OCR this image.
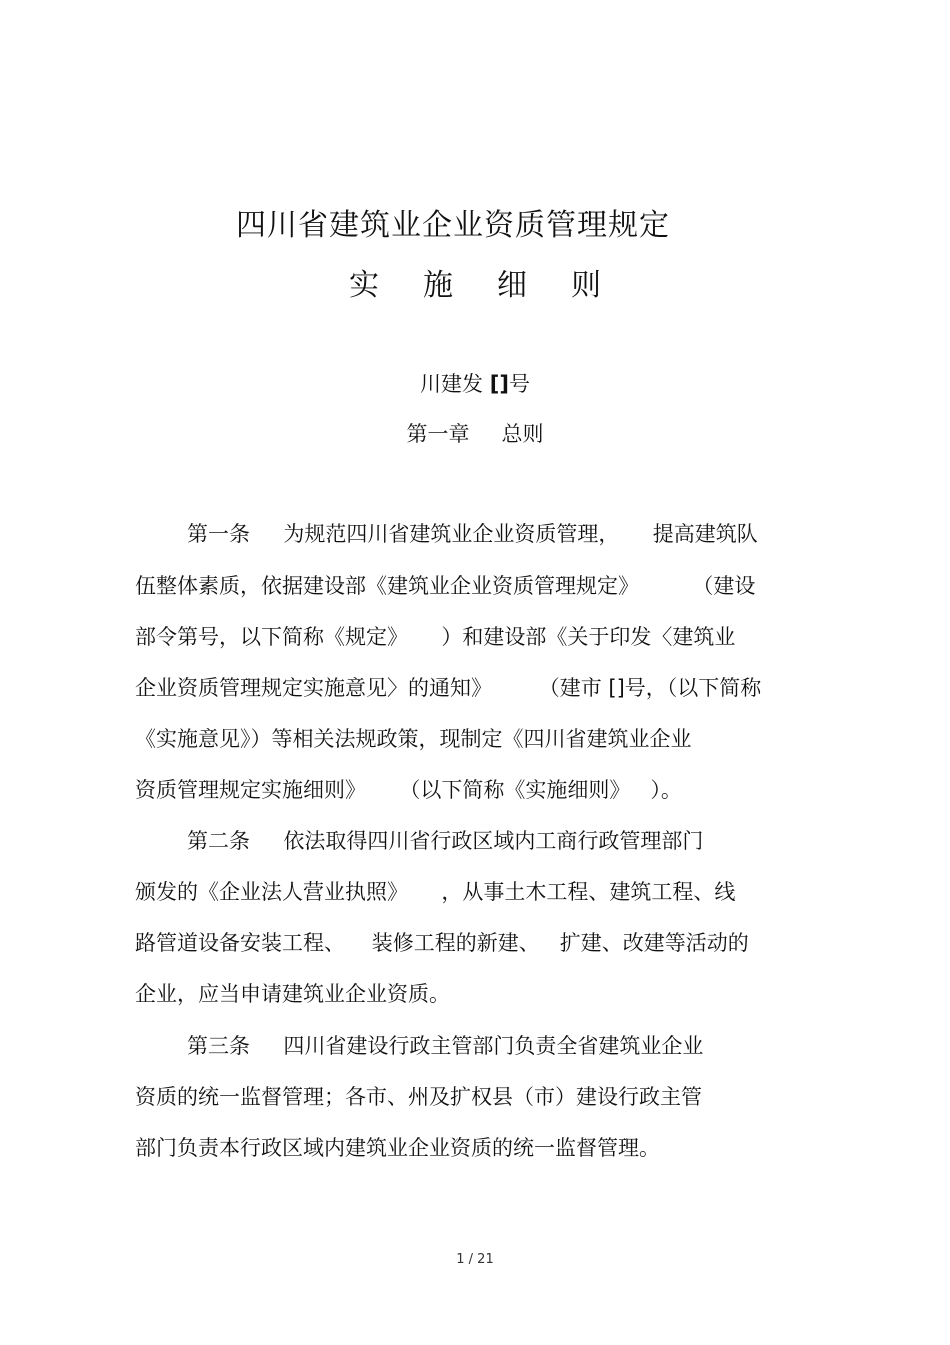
四川省建筑业企业资质管理规定
实 施 细 则
川建发 []号
第一章 总则
第一条     为规范四川省建筑业企业资质管理，     提高建筑队
伍整体素质，依据建设部《建筑业企业资质管理规定》        （建设
部令第号，以下简称《规定》     ）和建设部《关于印发〈建筑业
企业资质管理规定实施意见〉的通知》       （建市 []号，（以下简称
《实施意见》）等相关法规政策，现制定《四川省建筑业企业
资质管理规定实施细则》     （以下简称《实施细则》   ）。
第二条     依法取得四川省行政区域内工商行政管理部门
颁发的《企业法人营业执照》     ，从事土木工程、建筑工程、线
路管道设备安装工程、    装修工程的新建、   扩建、改建等活动的
企业，应当申请建筑业企业资质。
第三条     四川省建设行政主管部门负责全省建筑业企业
资质的统一监督管理；各市、州及扩权县（市）建设行政主管
部门负责本行政区域内建筑业企业资质的统一监督管理。
1 / 21
